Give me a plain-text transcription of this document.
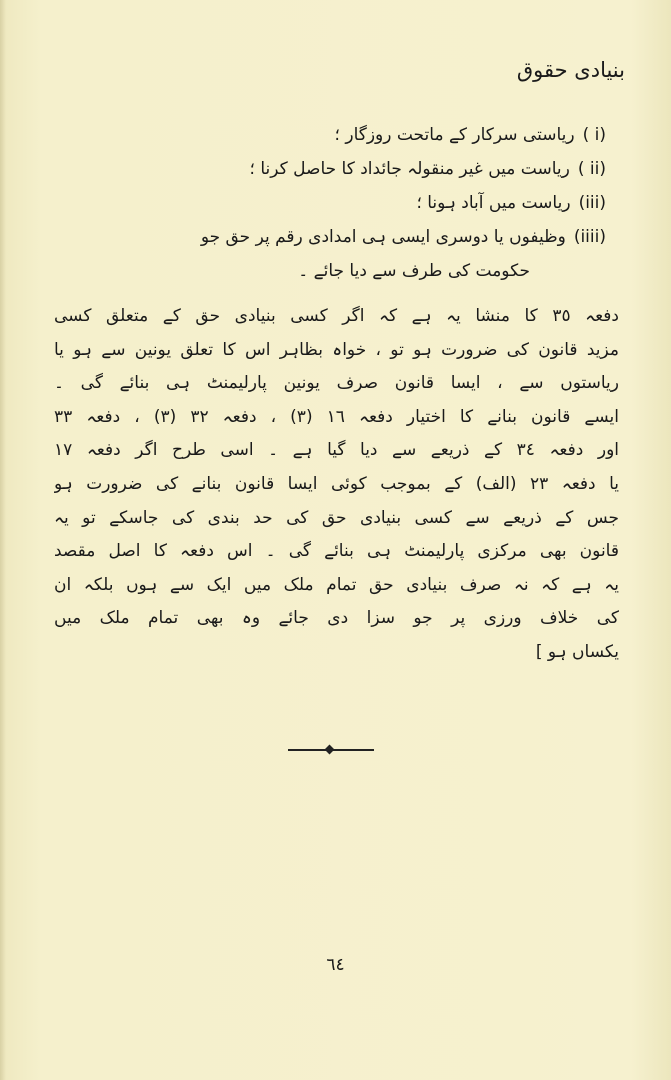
بنیادی حقوق
( i)ریاستی سرکار کے ماتحت روزگار ؛
( ii)ریاست میں غیر منقولہ جائداد کا حاصل کرنا ؛
(iii)ریاست میں آباد ہونا ؛
(iiii)وظیفوں یا دوسری ایسی ہی امدادی رقم پر حق جو
حکومت کی طرف سے دیا جائے ۔
دفعہ ٣٥ کا منشا یہ ہے کہ اگر کسی بنیادی حق کے متعلق کسی
مزید قانون کی ضرورت ہو تو ، خواہ بظاہر اس کا تعلق یونین سے ہو یا
ریاستوں سے ، ایسا قانون صرف یونین پارلیمنٹ ہی بنائے گی ۔
ایسے قانون بنانے کا اختیار دفعہ ١٦ (٣) ، دفعہ ٣٢ (٣) ، دفعہ ٣٣
اور دفعہ ٣٤ کے ذریعے سے دیا گیا ہے ۔ اسی طرح اگر دفعہ ١٧
یا دفعہ ٢٣ (الف) کے بموجب کوئی ایسا قانون بنانے کی ضرورت ہو
جس کے ذریعے سے کسی بنیادی حق کی حد بندی کی جاسکے تو یہ
قانون بھی مرکزی پارلیمنٹ ہی بنائے گی ۔ اس دفعہ کا اصل مقصد
یہ ہے کہ نہ صرف بنیادی حق تمام ملک میں ایک سے ہوں بلکہ ان
کی خلاف ورزی پر جو سزا دی جائے وہ بھی تمام ملک میں
یکساں ہو ]
٦٤
